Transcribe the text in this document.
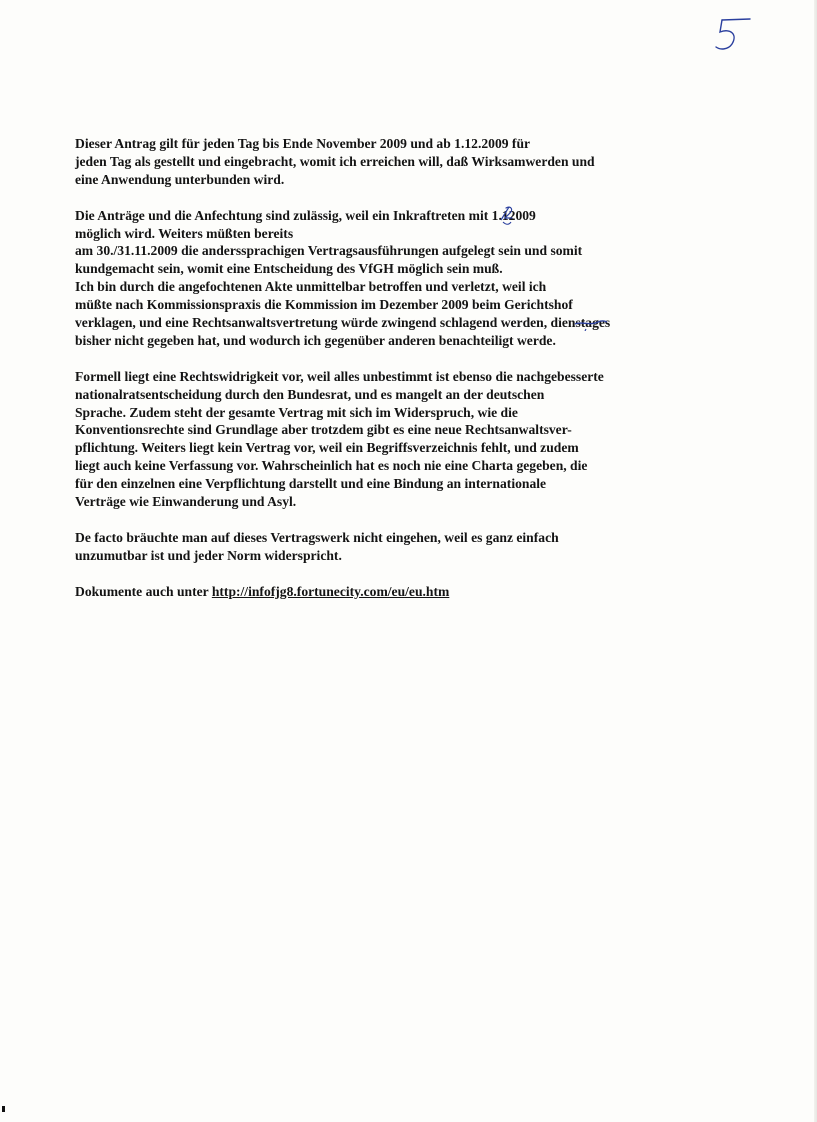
Dieser Antrag gilt für jeden Tag bis Ende November 2009 und ab 1.12.2009 für
jeden Tag als gestellt und eingebracht, womit ich erreichen will, daß Wirksamwerden und
eine Anwendung unterbunden wird.

Die Anträge und die Anfechtung sind zulässig, weil ein Inkraftreten mit 1.1
2009
möglich wird. Weiters müßten bereits
am 30./31.11.2009 die anderssprachigen Vertragsausführungen aufgelegt sein und somit
kundgemacht sein, womit eine Entscheidung des VfGH möglich sein muß.
Ich bin durch die angefochtenen Akte unmittelbar betroffen und verletzt, weil ich
müßte nach Kommissionspraxis die Kommission im Dezember 2009 beim Gerichtshof
verklagen, und eine Rechtsanwaltsvertretung würde zwingend schlagend werden, dienstag
es
bisher nicht gegeben hat, und wodurch ich gegenüber anderen benachteiligt werde.

Formell liegt eine Rechtswidrigkeit vor, weil alles unbestimmt ist ebenso die nachgebesserte
nationalratsentscheidung durch den Bundesrat, und es mangelt an der deutschen
Sprache. Zudem steht der gesamte Vertrag mit sich im Widerspruch, wie die
Konventionsrechte sind Grundlage aber trotzdem gibt es eine neue Rechtsanwaltsver-
pflichtung. Weiters liegt kein Vertrag vor, weil ein Begriffsverzeichnis fehlt, und zudem
liegt auch keine Verfassung vor. Wahrscheinlich hat es noch nie eine Charta gegeben, die
für den einzelnen eine Verpflichtung darstellt und eine Bindung an internationale
Verträge wie Einwanderung und Asyl.

De facto bräuchte man auf dieses Vertragswerk nicht eingehen, weil es ganz einfach
unzumutbar ist und jeder Norm widerspricht.

Dokumente auch unter http://infofjg8.fortunecity.com/eu/eu.htm
